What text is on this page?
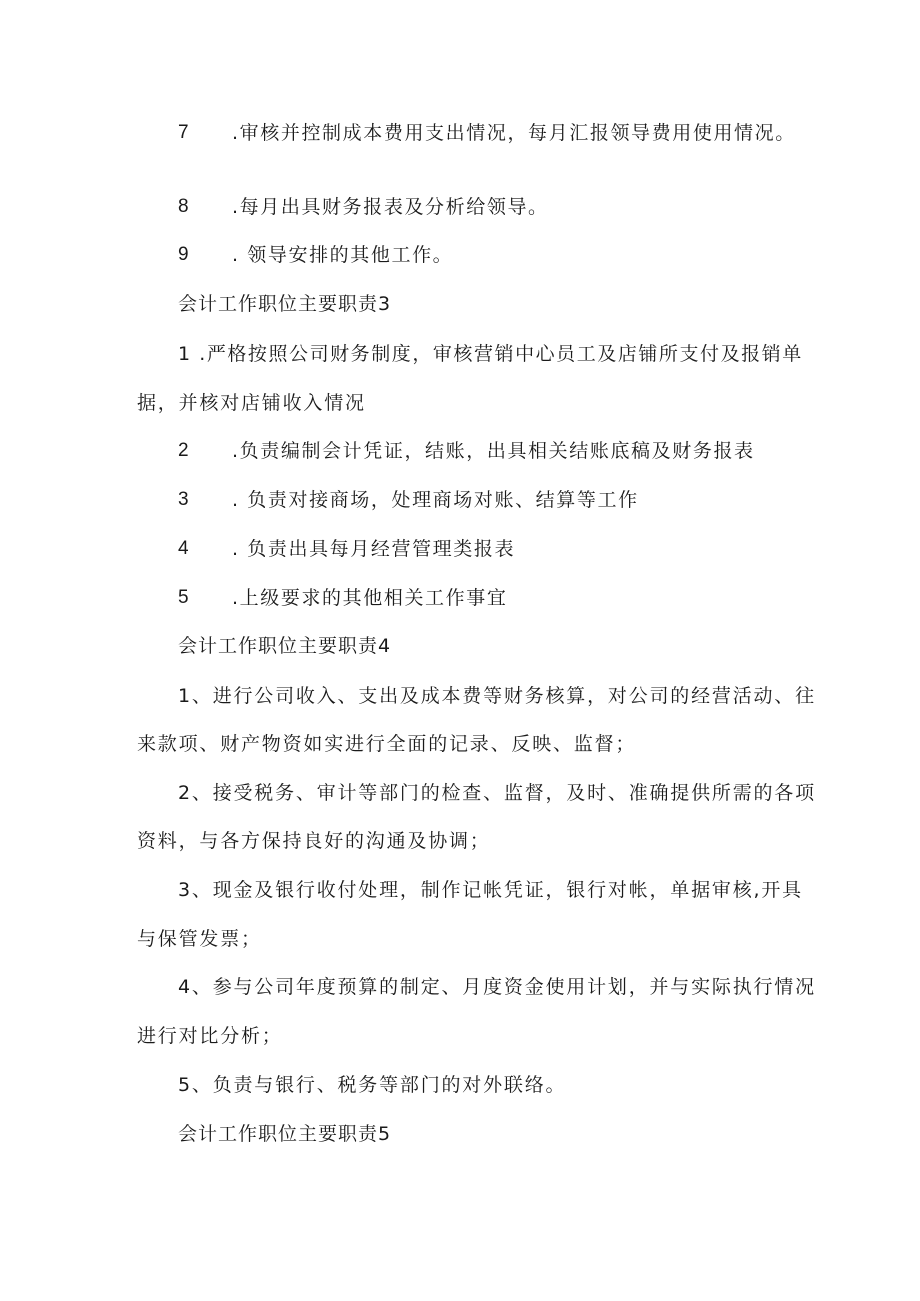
7 .审核并控制成本费用支出情况，每月汇报领导费用使用情况。
8 .每月出具财务报表及分析给领导。
9 . 领导安排的其他工作。
会计工作职位主要职责3
1 .严格按照公司财务制度，审核营销中心员工及店铺所支付及报销单
据，并核对店铺收入情况
2 .负责编制会计凭证，结账，出具相关结账底稿及财务报表
3 . 负责对接商场，处理商场对账、结算等工作
4 . 负责出具每月经营管理类报表
5 .上级要求的其他相关工作事宜
会计工作职位主要职责4
1、进行公司收入、支出及成本费等财务核算，对公司的经营活动、往
来款项、财产物资如实进行全面的记录、反映、监督；
2、接受税务、审计等部门的检查、监督，及时、准确提供所需的各项
资料，与各方保持良好的沟通及协调；
3、现金及银行收付处理，制作记帐凭证，银行对帐，单据审核,开具
与保管发票；
4、参与公司年度预算的制定、月度资金使用计划，并与实际执行情况
进行对比分析；
5、负责与银行、税务等部门的对外联络。
会计工作职位主要职责5
